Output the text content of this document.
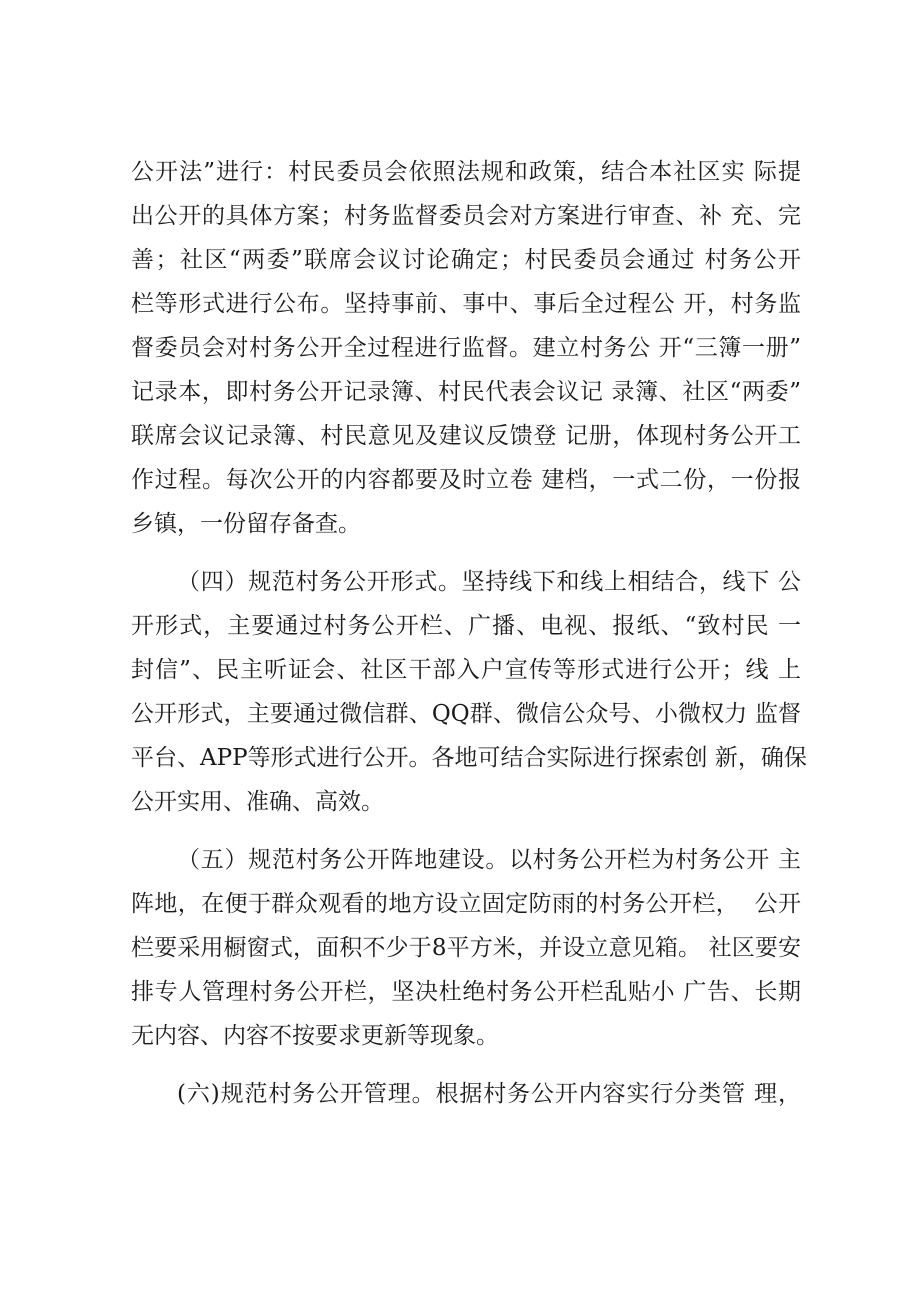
公开法”进行：村民委员会依照法规和政策，结合本社区实 际提
出公开的具体方案；村务监督委员会对方案进行审查、补 充、完
善；社区“两委”联席会议讨论确定；村民委员会通过 村务公开
栏等形式进行公布。坚持事前、事中、事后全过程公 开，村务监
督委员会对村务公开全过程进行监督。建立村务公 开“三簿一册”
记录本，即村务公开记录簿、村民代表会议记 录簿、社区“两委”
联席会议记录簿、村民意见及建议反馈登 记册，体现村务公开工
作过程。每次公开的内容都要及时立卷 建档，一式二份，一份报
乡镇，一份留存备查。
（四）规范村务公开形式。坚持线下和线上相结合，线下 公
开形式，主要通过村务公开栏、广播、电视、报纸、“致村民 一
封信”、民主听证会、社区干部入户宣传等形式进行公开；线 上
公开形式，主要通过微信群、QQ群、微信公众号、小微权力 监督
平台、APP等形式进行公开。各地可结合实际进行探索创 新，确保
公开实用、准确、高效。
（五）规范村务公开阵地建设。以村务公开栏为村务公开 主
阵地，在便于群众观看的地方设立固定防雨的村务公开栏，  公开
栏要采用橱窗式，面积不少于8平方米，并设立意见箱。 社区要安
排专人管理村务公开栏，坚决杜绝村务公开栏乱贴小 广告、长期
无内容、内容不按要求更新等现象。
(六)规范村务公开管理。根据村务公开内容实行分类管 理，
